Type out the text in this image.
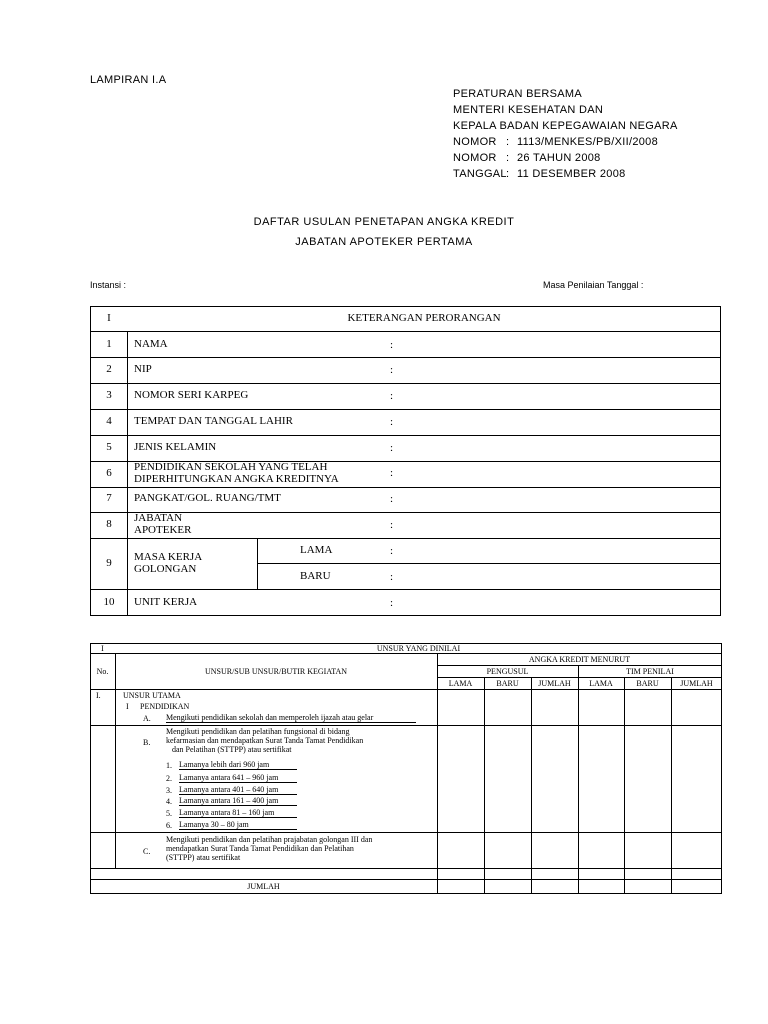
LAMPIRAN I.A
PERATURAN BERSAMA
MENTERI KESEHATAN DAN
KEPALA BADAN KEPEGAWAIAN NEGARA
NOMOR : 1113/MENKES/PB/XII/2008
NOMOR : 26 TAHUN 2008
TANGGAL : 11 DESEMBER 2008
DAFTAR USULAN PENETAPAN ANGKA KREDIT
JABATAN APOTEKER PERTAMA
Instansi :	Masa Penilaian Tanggal :
I	KETERANGAN PERORANGAN
1	NAMA	:
2	NIP	:
3	NOMOR SERI KARPEG	:
4	TEMPAT DAN TANGGAL LAHIR	:
5	JENIS KELAMIN	:
6	PENDIDIKAN SEKOLAH YANG TELAH
DIPERHITUNGKAN ANGKA KREDITNYA	:
7	PANGKAT/GOL. RUANG/TMT	:
8	JABATAN
APOTEKER	:
9	MASA KERJA
GOLONGAN
LAMA	:
BARU	:
10	UNIT KERJA	:
I	UNSUR YANG DINILAI
No.	UNSUR/SUB UNSUR/BUTIR KEGIATAN
ANGKA KREDIT MENURUT
PENGUSUL	TIM PENILAI
LAMA	BARU	JUMLAH	LAMA	BARU	JUMLAH
I.	UNSUR UTAMA
I PENDIDIKAN
A. Mengikuti pendidikan sekolah dan memperoleh ijazah atau gelar
Mengikuti pendidikan dan pelatihan fungsional di bidang
B. kefarmasian dan mendapatkan Surat Tanda Tamat Pendidikan
dan Pelatihan (STTPP) atau sertifikat
1. Lamanya lebih dari 960 jam
2. Lamanya antara 641 – 960 jam
3. Lamanya antara 401 – 640 jam
4. Lamanya antara 161 – 400 jam
5. Lamanya antara 81 – 160 jam
6. Lamanya 30 – 80 jam
Mengikuti pendidikan dan pelatihan prajabatan golongan III dan
C. mendapatkan Surat Tanda Tamat Pendidikan dan Pelatihan
(STTPP) atau sertifikat
JUMLAH
